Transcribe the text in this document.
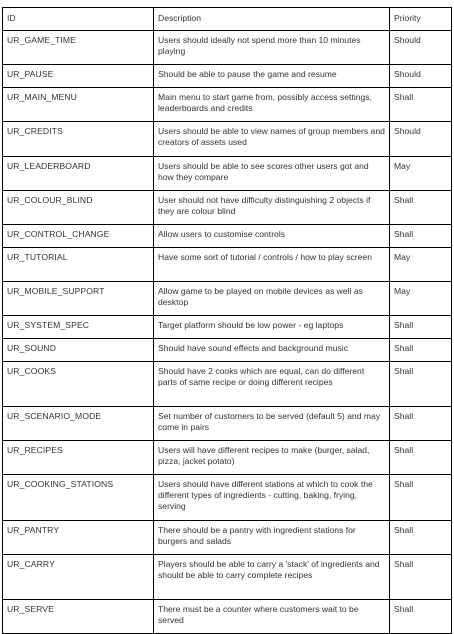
ID	Description	Priority
UR_GAME_TIME	Users should ideally not spend more than 10 minutes playing	Should
UR_PAUSE	Should be able to pause the game and resume	Should
UR_MAIN_MENU	Main menu to start game from, possibly access settings, leaderboards and credits	Shall
UR_CREDITS	Users should be able to view names of group members and creators of assets used	Should
UR_LEADERBOARD	Users should be able to see scores other users got and how they compare	May
UR_COLOUR_BLIND	User should not have difficulty distinguishing 2 objects if they are colour blind	Shall
UR_CONTROL_CHANGE	Allow users to customise controls	Shall
UR_TUTORIAL	Have some sort of tutorial / controls / how to play screen	May
UR_MOBILE_SUPPORT	Allow game to be played on mobile devices as well as desktop	May
UR_SYSTEM_SPEC	Target platform should be low power - eg laptops	Shall
UR_SOUND	Should have sound effects and background music	Shall
UR_COOKS	Should have 2 cooks which are equal, can do different parts of same recipe or doing different recipes	Shall
UR_SCENARIO_MODE	Set number of customers to be served (default 5) and may come in pairs	Shall
UR_RECIPES	Users will have different recipes to make (burger, salad, pizza, jacket potato)	Shall
UR_COOKING_STATIONS	Users should have different stations at which to cook the different types of ingredients - cutting, baking, frying, serving	Shall
UR_PANTRY	There should be a pantry with ingredient stations for burgers and salads	Shall
UR_CARRY	Players should be able to carry a 'stack' of ingredients and should be able to carry complete recipes	Shall
UR_SERVE	There must be a counter where customers wait to be served	Shall
